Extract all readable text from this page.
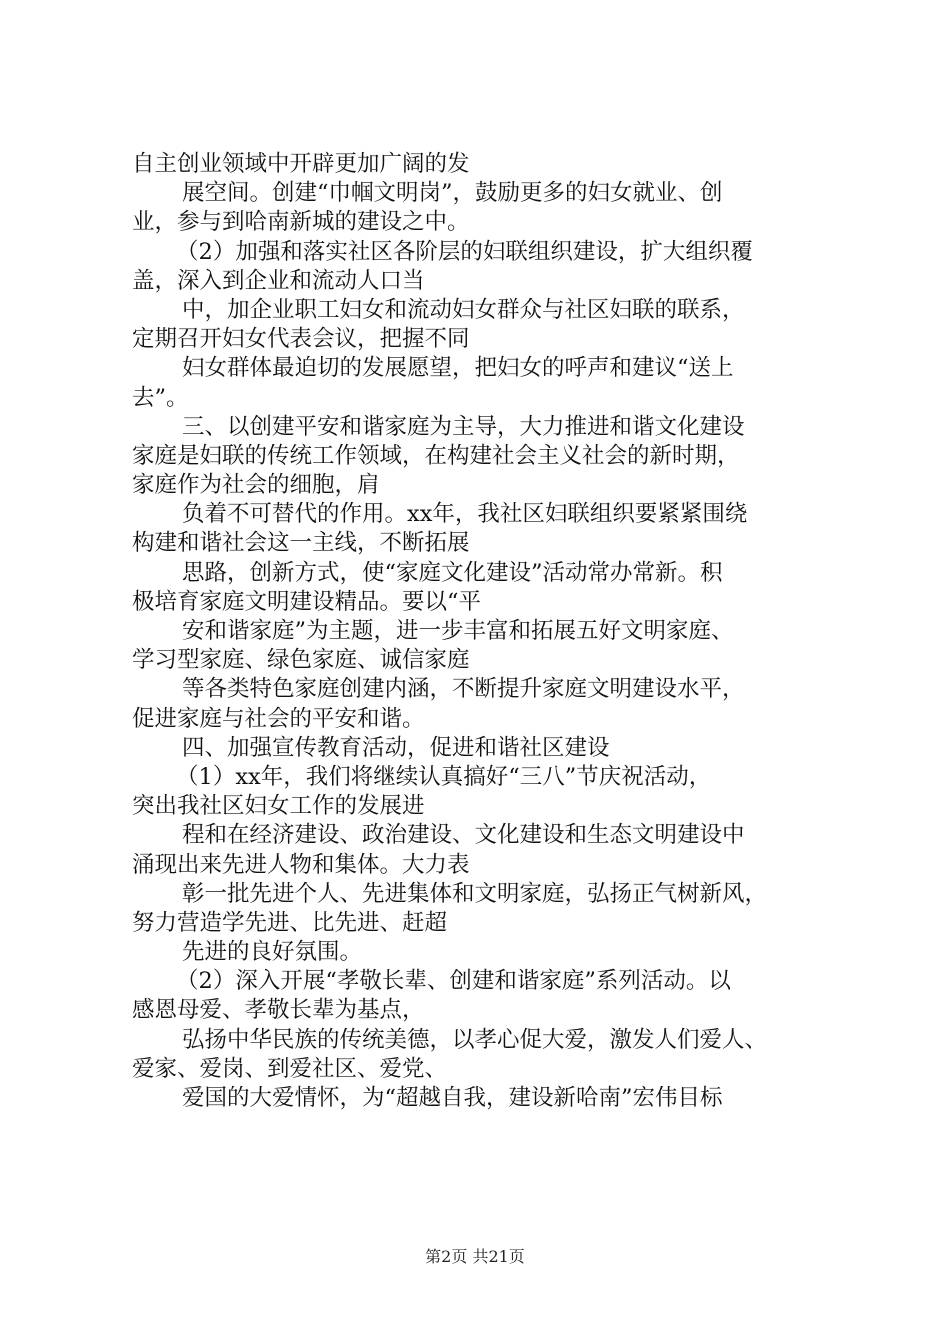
自主创业领域中开辟更加广阔的发
展空间。创建“巾帼文明岗”，鼓励更多的妇女就业、创
业，参与到哈南新城的建设之中。
（2）加强和落实社区各阶层的妇联组织建设，扩大组织覆
盖，深入到企业和流动人口当
中，加企业职工妇女和流动妇女群众与社区妇联的联系，
定期召开妇女代表会议，把握不同
妇女群体最迫切的发展愿望，把妇女的呼声和建议“送上
去”。
三、以创建平安和谐家庭为主导，大力推进和谐文化建设
家庭是妇联的传统工作领域，在构建社会主义社会的新时期，
家庭作为社会的细胞，肩
负着不可替代的作用。xx年，我社区妇联组织要紧紧围绕
构建和谐社会这一主线，不断拓展
思路，创新方式，使“家庭文化建设”活动常办常新。积
极培育家庭文明建设精品。要以“平
安和谐家庭”为主题，进一步丰富和拓展五好文明家庭、
学习型家庭、绿色家庭、诚信家庭
等各类特色家庭创建内涵，不断提升家庭文明建设水平，
促进家庭与社会的平安和谐。
四、加强宣传教育活动，促进和谐社区建设
（1）xx年，我们将继续认真搞好“三八”节庆祝活动，
突出我社区妇女工作的发展进
程和在经济建设、政治建设、文化建设和生态文明建设中
涌现出来先进人物和集体。大力表
彰一批先进个人、先进集体和文明家庭，弘扬正气树新风，
努力营造学先进、比先进、赶超
先进的良好氛围。
（2）深入开展“孝敬长辈、创建和谐家庭”系列活动。以
感恩母爱、孝敬长辈为基点，
弘扬中华民族的传统美德，以孝心促大爱，激发人们爱人、
爱家、爱岗、到爱社区、爱党、
爱国的大爱情怀，为“超越自我，建设新哈南”宏伟目标
第2页 共21页
